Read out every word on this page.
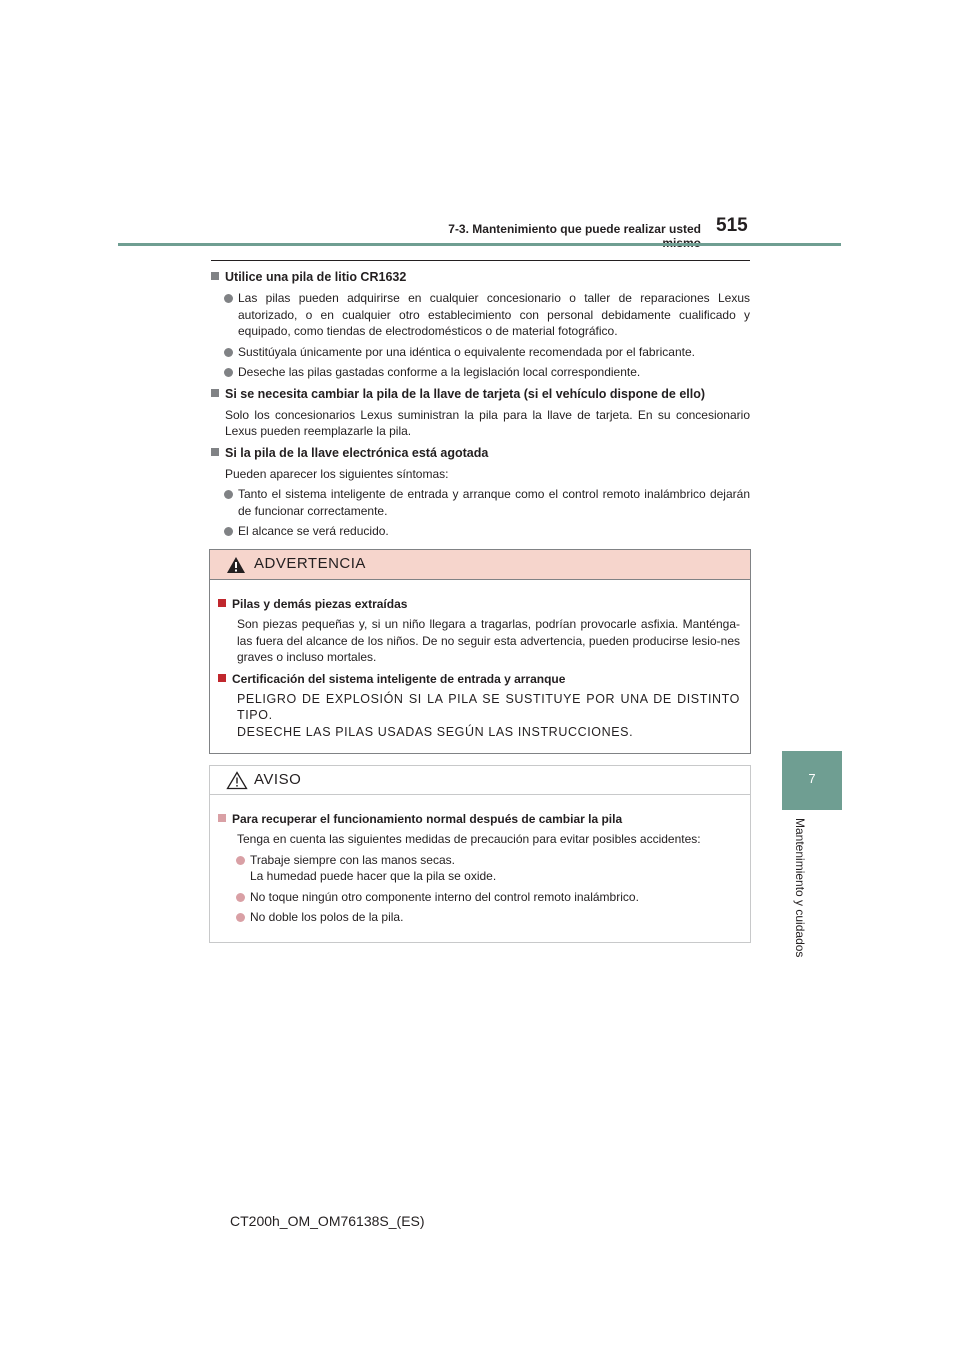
7-3. Mantenimiento que puede realizar usted 515
7
Mantenimiento y cuidados

Utilice una pila de litio CR1632

Las pilas pueden adquirirse en cualquier concesionario o taller de reparaciones Lexus autorizado, o en cualquier otro establecimiento con personal debidamente cualificado y equipado, como tiendas de electrodomésticos o de material fotográfico.
Sustitúyala únicamente por una idéntica o equivalente recomendada por el fabricante.
Deseche las pilas gastadas conforme a la legislación local correspondiente.

Si se necesita cambiar la pila de la llave de tarjeta (si el vehículo dispone de ello)

Solo los concesionarios Lexus suministran la pila para la llave de tarjeta. En su concesionario Lexus pueden reemplazarle la pila.

Si la pila de la llave electrónica está agotada

Pueden aparecer los siguientes síntomas:
Tanto el sistema inteligente de entrada y arranque como el control remoto inalámbrico dejarán de funcionar correctamente.
El alcance se verá reducido.
ADVERTENCIA

Pilas y demás piezas extraídas

Son piezas pequeñas y, si un niño llegara a tragarlas, podrían provocarle asfixia. Manténga-las fuera del alcance de los niños. De no seguir esta advertencia, pueden producirse lesio-nes graves o incluso mortales.

Certificación del sistema inteligente de entrada y arranque

PELIGRO DE EXPLOSIÓN SI LA PILA SE SUSTITUYE POR UNA DE DISTINTO TIPO.
DESECHE LAS PILAS USADAS SEGÚN LAS INSTRUCCIONES.
AVISO

Para recuperar el funcionamiento normal después de cambiar la pila

Tenga en cuenta las siguientes medidas de precaución para evitar posibles accidentes:
Trabaje siempre con las manos secas.
La humedad puede hacer que la pila se oxide.
No toque ningún otro componente interno del control remoto inalámbrico.
No doble los polos de la pila.
CT200h_OM_OM76138S_(ES)
